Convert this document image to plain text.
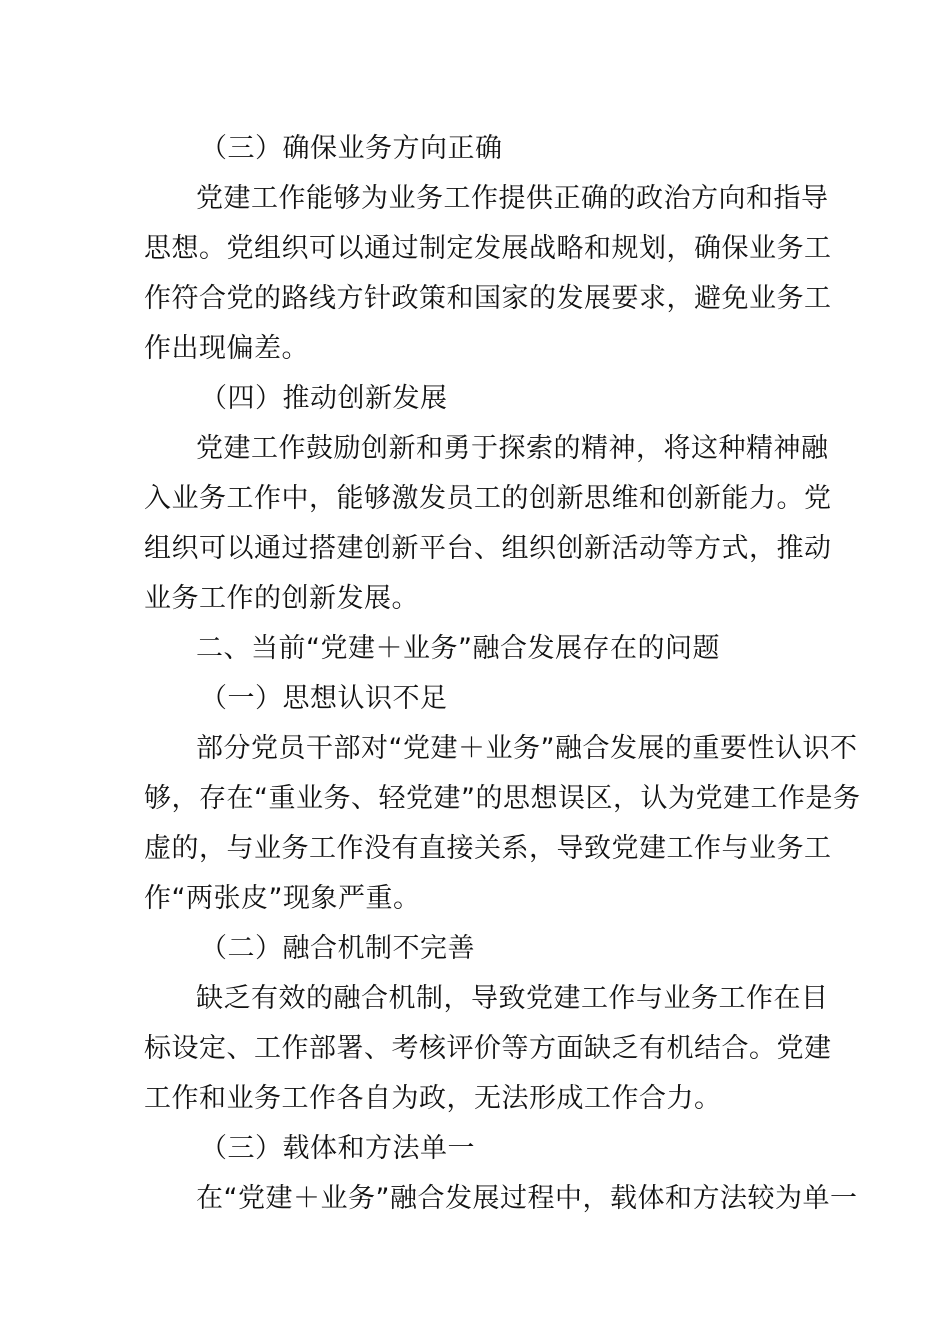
（三）确保业务方向正确
党建工作能够为业务工作提供正确的政治方向和指导
思想。党组织可以通过制定发展战略和规划，确保业务工
作符合党的路线方针政策和国家的发展要求，避免业务工
作出现偏差。
（四）推动创新发展
党建工作鼓励创新和勇于探索的精神，将这种精神融
入业务工作中，能够激发员工的创新思维和创新能力。党
组织可以通过搭建创新平台、组织创新活动等方式，推动
业务工作的创新发展。
二、当前“党建＋业务”融合发展存在的问题
（一）思想认识不足
部分党员干部对“党建＋业务”融合发展的重要性认识不
够，存在“重业务、轻党建”的思想误区，认为党建工作是务
虚的，与业务工作没有直接关系，导致党建工作与业务工
作“两张皮”现象严重。
（二）融合机制不完善
缺乏有效的融合机制，导致党建工作与业务工作在目
标设定、工作部署、考核评价等方面缺乏有机结合。党建
工作和业务工作各自为政，无法形成工作合力。
（三）载体和方法单一
在“党建＋业务”融合发展过程中，载体和方法较为单一
